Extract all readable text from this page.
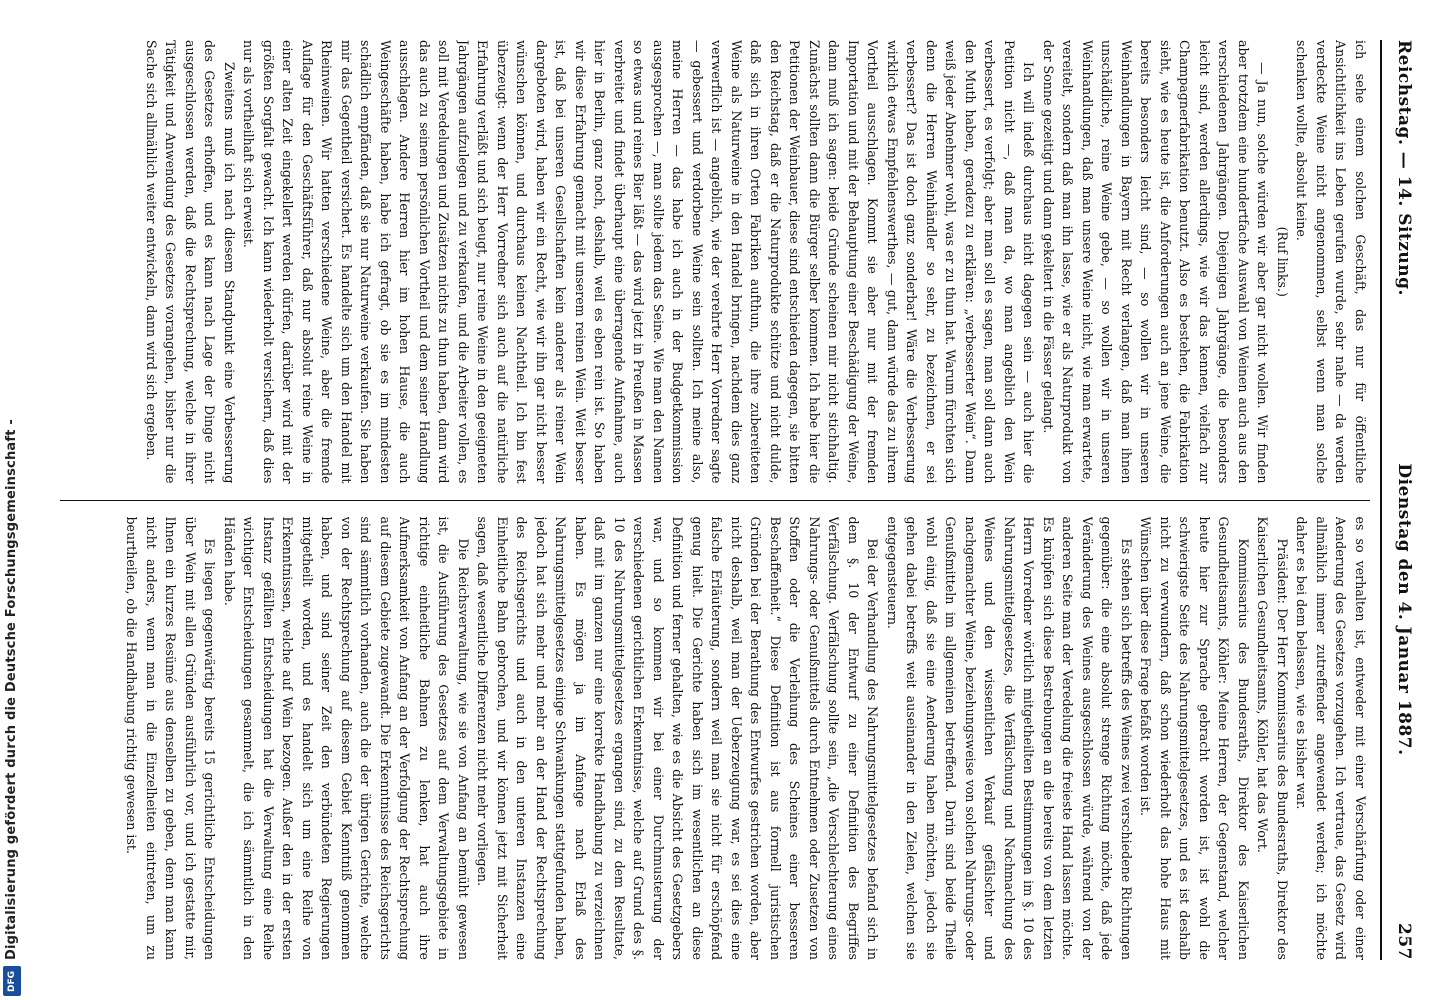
Digitalisierung gefördert durch die Deutsche Forschungsgemeinschaft -
DFG
Reichstag. — 14. Sitzung.
Dienstag den 4. Januar 1887.
257

ich sehe einem solchen Geschäft, das nur für öffentliche Ansichtlichkeit ins Leben gerufen wurde, sehr nahe — da werden verdeckte Weine nicht angenommen, selbst wenn man solche schenken wollte, absolut keine.

(Ruf links.)

— Ja nun, solche würden wir aber gar nicht wollen. Wir finden aber trotzdem eine hundertfache Auswahl von Weinen auch aus den verschiedenen Jahrgängen. Diejenigen Jahrgänge, die besonders leicht sind, werden allerdings, wie wir das kennen, vielfach zur Champagnerfabrikation benutzt. Also es bestehen, die Fabrikation sieht, wie es heute ist, die Anforderungen auch an jene Weine, die bereits besonders leicht sind, — so wollen wir in unseren Weinhandlungen in Bayern mit Recht verlangen, daß man ihnen unschädliche, reine Weine gebe, — so wollen wir in unseren Weinhandlungen, daß man unsere Weine nicht, wie man erwartete, vereitelt, sondern daß man ihn lasse, wie er als Naturprodukt von der Sonne gezeitigt und dann gekeltert in die Fässer gelangt.

Ich will indeß durchaus nicht dagegen sein — auch hier die Petition nicht —, daß man da, wo man angeblich den Wein verbessert, es verfolgt; aber man soll es sagen, man soll dann auch den Muth haben, geradezu zu erklären: „verbesserter Wein“. Dann weiß jeder Abnehmer wohl, was er zu thun hat. Warum fürchten sich denn die Herren Weinhändler so sehr, zu bezeichnen, er sei verbessert? Das ist doch ganz sonderbar! Wäre die Verbesserung wirklich etwas Empfehlenswerthes, — gut, dann würde das zu ihrem Vortheil ausschlagen. Kommt sie aber nur mit der fremden Importation und mit der Behauptung einer Beschädigung der Weine, dann muß ich sagen: beide Gründe scheinen mir nicht stichhaltig. Zunächst sollten dann die Bürger selber kommen. Ich habe hier die Petitionen der Weinbauer, diese sind entschieden dagegen, sie bitten den Reichstag, daß er die Naturprodukte schütze und nicht dulde, daß sich in ihren Orten Fabriken aufthun, die ihre zubereiteten Weine als Naturweine in den Handel bringen, nachdem dies ganz verwerflich ist — angeblich, wie der verehrte Herr Vorredner sagte — gebessert und verdorbene Weine sein sollten. Ich meine also, meine Herren — das habe ich auch in der Budgetkommission ausgesprochen —, man sollte jedem das Seine. Wie man den Namen so etwas und reines Bier läßt — das wird jetzt in Preußen in Massen verbreitet und findet überhaupt eine überragende Aufnahme, auch hier in Berlin, ganz noch, deshalb, weil es eben rein ist. So haben wir diese Erfahrung gemacht mit unserem reinen Wein. Weit besser ist, daß bei unseren Gesellschaften kein anderer als reiner Wein dargeboten wird, haben wir ein Recht, wie wir ihn gar nicht besser wünschen können, und durchaus keinen Nachtheil. Ich bin fest überzeugt: wenn der Herr Vorredner sich auch auf die natürliche Erfahrung verläßt und sich beugt, nur reine Weine in den geeigneten Jahrgängen aufzulegen und zu verkaufen, und die Arbeiter vollen, es soll mit Veredelungen und Zusätzen nichts zu thun haben, dann wird das auch zu seinem persönlichen Vortheil und dem seiner Handlung ausschlagen. Andere Herren hier im hohen Hause, die auch Weingeschäfte haben, habe ich gefragt, ob sie es im mindesten schädlich empfänden, daß sie nur Naturweine verkaufen. Sie haben mir das Gegentheil versichert. Es handelte sich um den Handel mit Rheinweinen. Wir hatten verschiedene Weine, aber die fremde Auflage für den Geschäftsführer, daß nur absolut reine Weine in einer alten Zeit eingekellert werden dürfen, darüber wird mit der größten Sorgfalt gewacht. Ich kann wiederholt versichern, daß dies nur als vortheilhaft sich erweist.

Zweitens muß ich nach diesem Standpunkt eine Verbesserung des Gesetzes erhoffen, und es kann nach Lage der Dinge nicht ausgeschlossen werden, daß die Rechtsprechung, welche in ihrer Tätigkeit und Anwendung des Gesetzes vorangehen, bisher nur die Sache sich allmählich weiter entwickeln, dann wird sich ergeben.

es so verhalten ist, entweder mit einer Verschärfung oder einer Aenderung des Gesetzes vorzugehen. Ich vertraue, das Gesetz wird allmählich immer zutreffender angewendet werden; ich möchte daher es bei dem belassen, wie es bisher war.

Präsident: Der Herr Kommissarius des Bundesraths, Direktor des Kaiserlichen Gesundheitsamts, Köhler, hat das Wort.

Kommissarius des Bundesraths, Direktor des Kaiserlichen Gesundheitsamts, Köhler: Meine Herren, der Gegenstand, welcher heute hier zur Sprache gebracht worden ist, ist wohl die schwierigste Seite des Nahrungsmittelgesetzes, und es ist deshalb nicht zu verwundern, daß schon wiederholt das hohe Haus mit Wünschen über diese Frage befaßt worden ist.

Es stehen sich betreffs des Weines zwei verschiedene Richtungen gegenüber: die eine absolut strenge Richtung möchte, daß jede Veränderung des Weines ausgeschlossen würde, während von der anderen Seite man der Veredelung die freieste Hand lassen möchte. Es knüpfen sich diese Bestrebungen an die bereits von dem letzten Herrn Vorredner wörtlich mitgetheilten Bestimmungen im §. 10 des Nahrungsmittelgesetzes, die Verfälschung und Nachmachung des Weines und den wissentlichen Verkauf gefälschter und nachgemachter Weine, beziehungsweise von solchen Nahrungs- oder Genußmitteln im allgemeinen betreffend. Darin sind beide Theile wohl einig, daß sie eine Aenderung haben möchten, jedoch sie gehen dabei betreffs weit auseinander in den Zielen, welchen sie entgegensteuern.

Bei der Verhandlung des Nahrungsmittelgesetzes befand sich in dem §. 10 der Entwurf zu einer Definition des Begriffes Verfälschung. Verfälschung sollte sein, „die Verschlechterung eines Nahrungs- oder Genußmittels durch Entnehmen oder Zusetzen von Stoffen oder die Verleihung des Scheines einer besseren Beschaffenheit.“ Diese Definition ist aus formell juristischen Gründen bei der Berathung des Entwurfes gestrichen worden, aber nicht deshalb, weil man der Ueberzeugung war, es sei dies eine falsche Erläuterung, sondern weil man sie nicht für erschöpfend genug hielt. Die Gerichte haben sich im wesentlichen an diese Definition und ferner gehalten, wie es die Absicht des Gesetzgebers war, und so kommen wir bei einer Durchmusterung der verschiedenen gerichtlichen Erkenntnisse, welche auf Grund des §. 10 des Nahrungsmittelgesetzes ergangen sind, zu dem Resultate, daß mit im ganzen nur eine korrekte Handhabung zu verzeichnen haben. Es mögen ja im Anfange nach Erlaß des Nahrungsmittelgesetzes einige Schwankungen stattgefunden haben, jedoch hat sich mehr und mehr an der Hand der Rechtsprechung des Reichsgerichts und auch in den unteren Instanzen eine Einheitliche Bahn gebrochen, und wir können jetzt mit Sicherheit sagen, daß wesentliche Differenzen nicht mehr vorliegen.

Die Reichsverwaltung, wie sie von Anfang an bemüht gewesen ist, die Ausführung des Gesetzes auf dem Verwaltungsgebiete in richtige einheitliche Bahnen zu lenken, hat auch ihre Aufmerksamkeit von Anfang an der Verfolgung der Rechtsprechung auf diesem Gebiete zugewandt. Die Erkenntnisse des Reichsgerichts sind sämmtlich vorhanden, auch die der übrigen Gerichte, welche von der Rechtsprechung auf diesem Gebiet Kenntniß genommen haben, und sind seiner Zeit den verbündeten Regierungen mitgetheilt worden, und es handelt sich um eine Reihe von Erkenntnissen, welche auf Wein bezogen. Außer den in der ersten Instanz gefällten Entscheidungen hat die Verwaltung eine Reihe wichtiger Entscheidungen gesammelt, die ich sämmtlich in den Händen habe.

Es liegen gegenwärtig bereits 15 gerichtliche Entscheidungen über Wein mit allen Gründen ausführlich vor, und ich gestatte mir, Ihnen ein kurzes Resümé aus denselben zu geben, denn man kann nicht anders, wenn man in die Einzelheiten eintreten, um zu beurtheilen, ob die Handhabung richtig gewesen ist.
